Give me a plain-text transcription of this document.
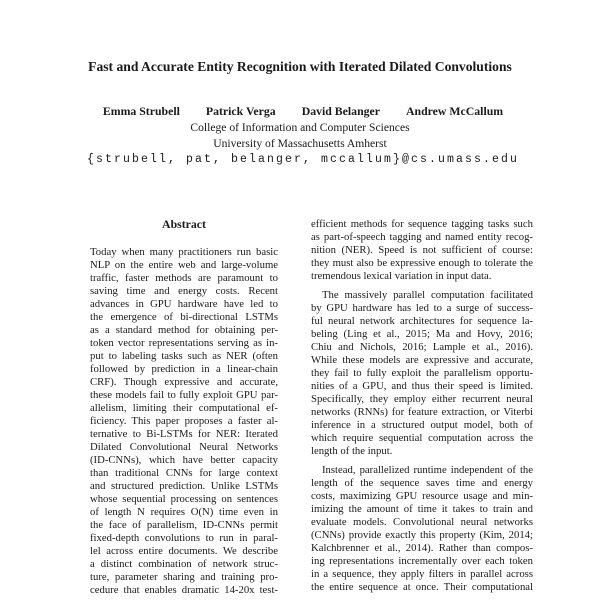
Fast and Accurate Entity Recognition with Iterated Dilated Convolutions
Emma Strubell Patrick Verga David Belanger Andrew McCallum
College of Information and Computer Sciences
University of Massachusetts Amherst
{strubell, pat, belanger, mccallum}@cs.umass.edu
Abstract
Today when many practitioners run basic
NLP on the entire web and large-volume
traffic, faster methods are paramount to
saving time and energy costs. Recent
advances in GPU hardware have led to
the emergence of bi-directional LSTMs
as a standard method for obtaining per-
token vector representations serving as in-
put to labeling tasks such as NER (often
followed by prediction in a linear-chain
CRF). Though expressive and accurate,
these models fail to fully exploit GPU par-
allelism, limiting their computational ef-
ficiency. This paper proposes a faster al-
ternative to Bi-LSTMs for NER: Iterated
Dilated Convolutional Neural Networks
(ID-CNNs), which have better capacity
than traditional CNNs for large context
and structured prediction. Unlike LSTMs
whose sequential processing on sentences
of length N requires O(N) time even in
the face of parallelism, ID-CNNs permit
fixed-depth convolutions to run in paral-
lel across entire documents. We describe
a distinct combination of network struc-
ture, parameter sharing and training pro-
cedure that enables dramatic 14-20x test-
efficient methods for sequence tagging tasks such
as part-of-speech tagging and named entity recog-
nition (NER). Speed is not sufficient of course:
they must also be expressive enough to tolerate the
tremendous lexical variation in input data.
The massively parallel computation facilitated
by GPU hardware has led to a surge of success-
ful neural network architectures for sequence la-
beling (Ling et al., 2015; Ma and Hovy, 2016;
Chiu and Nichols, 2016; Lample et al., 2016).
While these models are expressive and accurate,
they fail to fully exploit the parallelism opportu-
nities of a GPU, and thus their speed is limited.
Specifically, they employ either recurrent neural
networks (RNNs) for feature extraction, or Viterbi
inference in a structured output model, both of
which require sequential computation across the
length of the input.
Instead, parallelized runtime independent of the
length of the sequence saves time and energy
costs, maximizing GPU resource usage and min-
imizing the amount of time it takes to train and
evaluate models. Convolutional neural networks
(CNNs) provide exactly this property (Kim, 2014;
Kalchbrenner et al., 2014). Rather than compos-
ing representations incrementally over each token
in a sequence, they apply filters in parallel across
the entire sequence at once. Their computational
